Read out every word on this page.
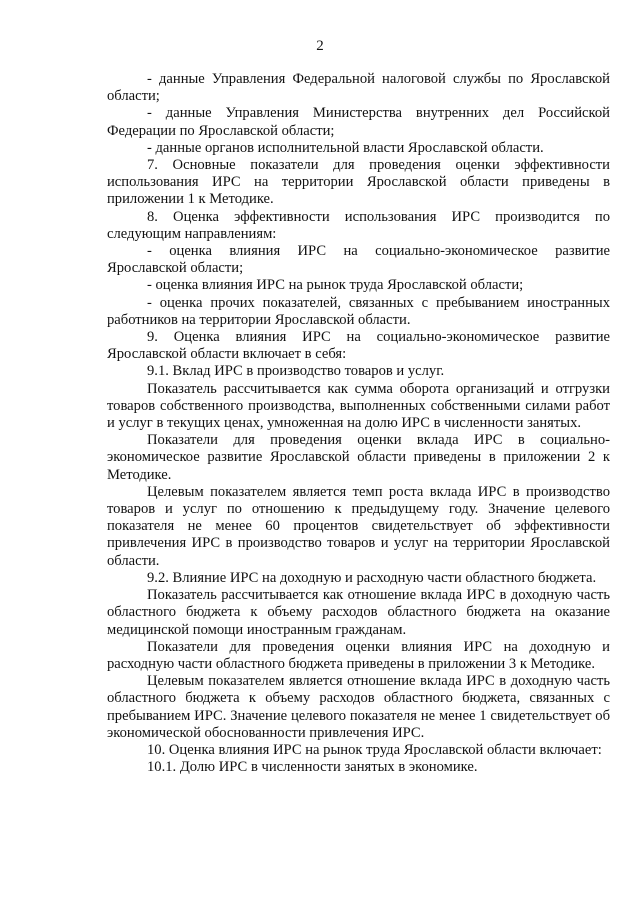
2

- данные Управления Федеральной налоговой службы по Ярославской области;

- данные Управления Министерства внутренних дел Российской Федерации по Ярославской области;

- данные органов исполнительной власти Ярославской области.

7. Основные показатели для проведения оценки эффективности использования ИРС на территории Ярославской области приведены в приложении 1 к Методике.

8. Оценка эффективности использования ИРС производится по следующим направлениям:

- оценка влияния ИРС на социально-экономическое развитие Ярославской области;

- оценка влияния ИРС на рынок труда Ярославской области;

- оценка прочих показателей, связанных с пребыванием иностранных работников на территории Ярославской области.

9. Оценка влияния ИРС на социально-экономическое развитие Ярославской области включает в себя:

9.1. Вклад ИРС в производство товаров и услуг.

Показатель рассчитывается как сумма оборота организаций и отгрузки товаров собственного производства, выполненных собственными силами работ и услуг в текущих ценах, умноженная на долю ИРС в численности занятых.

Показатели для проведения оценки вклада ИРС в социально-экономическое развитие Ярославской области приведены в приложении 2 к Методике.

Целевым показателем является темп роста вклада ИРС в производство товаров и услуг по отношению к предыдущему году. Значение целевого показателя не менее 60 процентов свидетельствует об эффективности привлечения ИРС в производство товаров и услуг на территории Ярославской области.

9.2. Влияние ИРС на доходную и расходную части областного бюджета.

Показатель рассчитывается как отношение вклада ИРС в доходную часть областного бюджета к объему расходов областного бюджета на оказание медицинской помощи иностранным гражданам.

Показатели для проведения оценки влияния ИРС на доходную и расходную части областного бюджета приведены в приложении 3 к Методике.

Целевым показателем является отношение вклада ИРС в доходную часть областного бюджета к объему расходов областного бюджета, связанных с пребыванием ИРС. Значение целевого показателя не менее 1 свидетельствует об экономической обоснованности привлечения ИРС.

10. Оценка влияния ИРС на рынок труда Ярославской области включает:

10.1. Долю ИРС в численности занятых в экономике.
